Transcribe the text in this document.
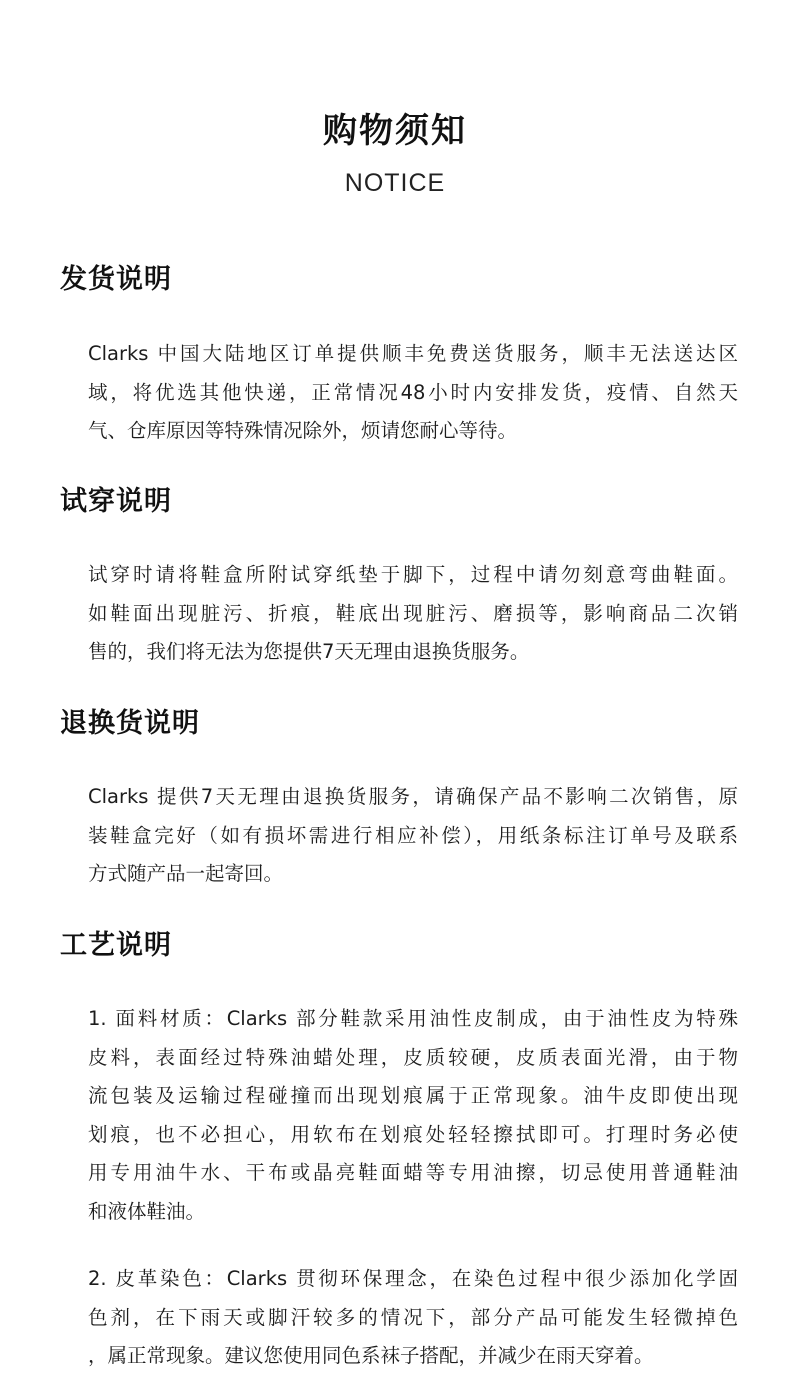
购物须知
NOTICE
发货说明
Clarks 中国大陆地区订单提供顺丰免费送货服务，顺丰无法送达区
域，将优选其他快递，正常情况48小时内安排发货，疫情、自然天
气、仓库原因等特殊情况除外，烦请您耐心等待。
试穿说明
试穿时请将鞋盒所附试穿纸垫于脚下，过程中请勿刻意弯曲鞋面。
如鞋面出现脏污、折痕，鞋底出现脏污、磨损等，影响商品二次销
售的，我们将无法为您提供7天无理由退换货服务。
退换货说明
Clarks 提供7天无理由退换货服务，请确保产品不影响二次销售，原
装鞋盒完好（如有损坏需进行相应补偿），用纸条标注订单号及联系
方式随产品一起寄回。
工艺说明
1. 面料材质：Clarks 部分鞋款采用油性皮制成，由于油性皮为特殊
皮料，表面经过特殊油蜡处理，皮质较硬，皮质表面光滑，由于物
流包装及运输过程碰撞而出现划痕属于正常现象。油牛皮即使出现
划痕，也不必担心，用软布在划痕处轻轻擦拭即可。打理时务必使
用专用油牛水、干布或晶亮鞋面蜡等专用油擦，切忌使用普通鞋油
和液体鞋油。
2. 皮革染色：Clarks 贯彻环保理念，在染色过程中很少添加化学固
色剂，在下雨天或脚汗较多的情况下，部分产品可能发生轻微掉色
，属正常现象。建议您使用同色系袜子搭配，并减少在雨天穿着。
